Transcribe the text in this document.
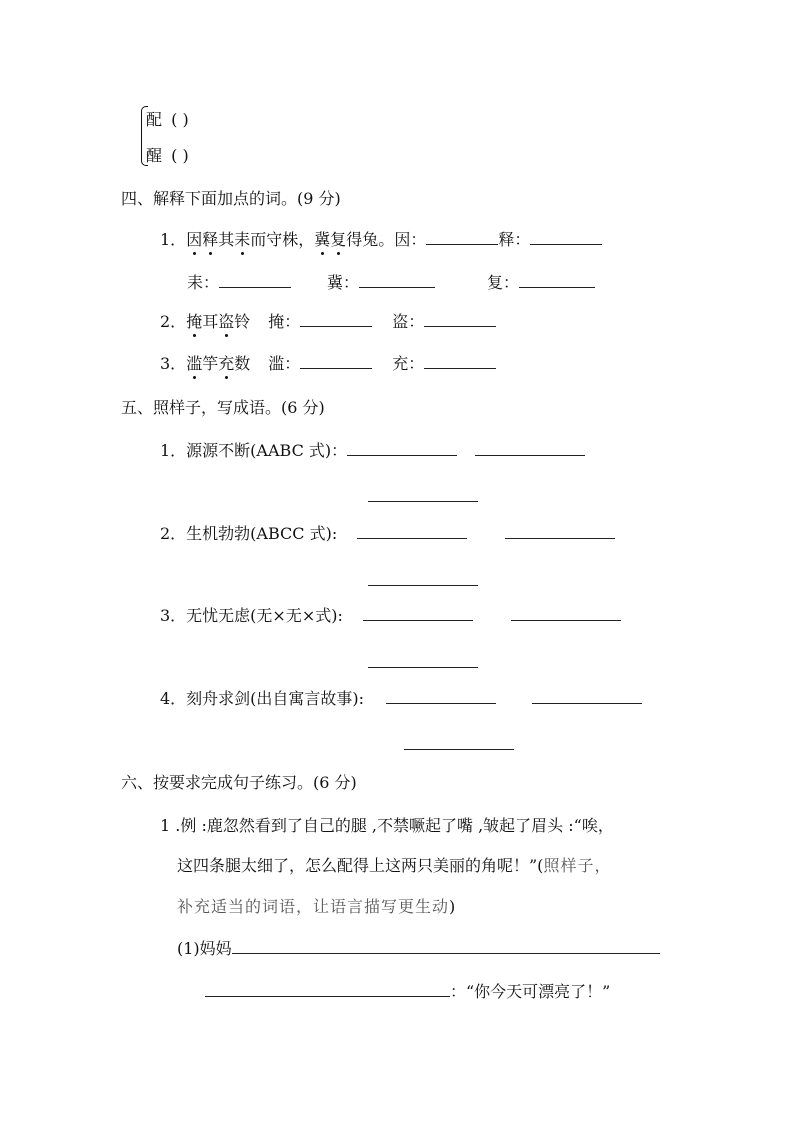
配 ( )
醒 ( )
四、解释下面加点的词。(9 分)
1．因释其耒而守株，冀复得兔。因：	释：
耒：	冀：	复：
2．掩耳盗铃 掩：	盗：
3．滥竽充数 滥：	充：
五、照样子，写成语。(6 分)
1．源源不断(AABC 式)：
2．生机勃勃(ABCC 式):
3．无忧无虑(无×无×式):
4．刻舟求剑(出自寓言故事):
六、按要求完成句子练习。(6 分)
1 .例 :鹿忽然看到了自己的腿 ,不禁噘起了嘴 ,皱起了眉头 :“唉，
这四条腿太细了，怎么配得上这两只美丽的角呢！”(照样子，
补充适当的词语，让语言描写更生动)
(1)妈妈
：“你今天可漂亮了！”
